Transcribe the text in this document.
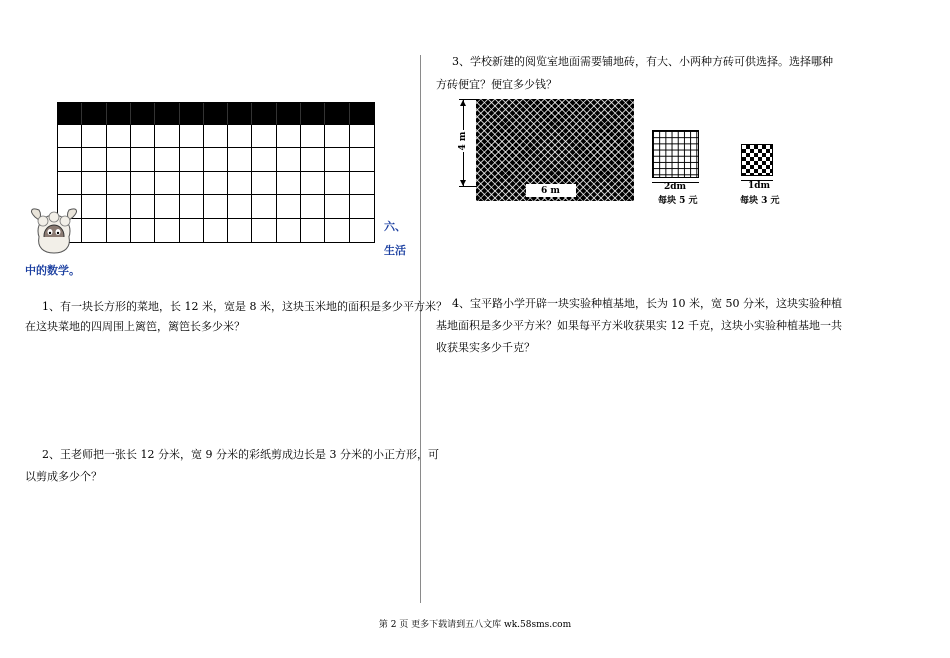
六、
生活
中的数学。
1、有一块长方形的菜地，长 12 米，宽是 8 米，这块玉米地的面积是多少平方米？
在这块菜地的四周围上篱笆，篱笆长多少米？
2、王老师把一张长 12 分米，宽 9 分米的彩纸剪成边长是 3 分米的小正方形，可
以剪成多少个？
3、学校新建的阅览室地面需要铺地砖，有大、小两种方砖可供选择。选择哪种
方砖便宜？便宜多少钱？
6 m
4 m
2dm
每块 5 元
1dm
每块 3 元
4、宝平路小学开辟一块实验种植基地，长为 10 米，宽 50 分米，这块实验种植
基地面积是多少平方米？如果每平方米收获果实 12 千克，这块小实验种植基地一共
收获果实多少千克？
第 2 页 更多下载请到五八文库 wk.58sms.com
